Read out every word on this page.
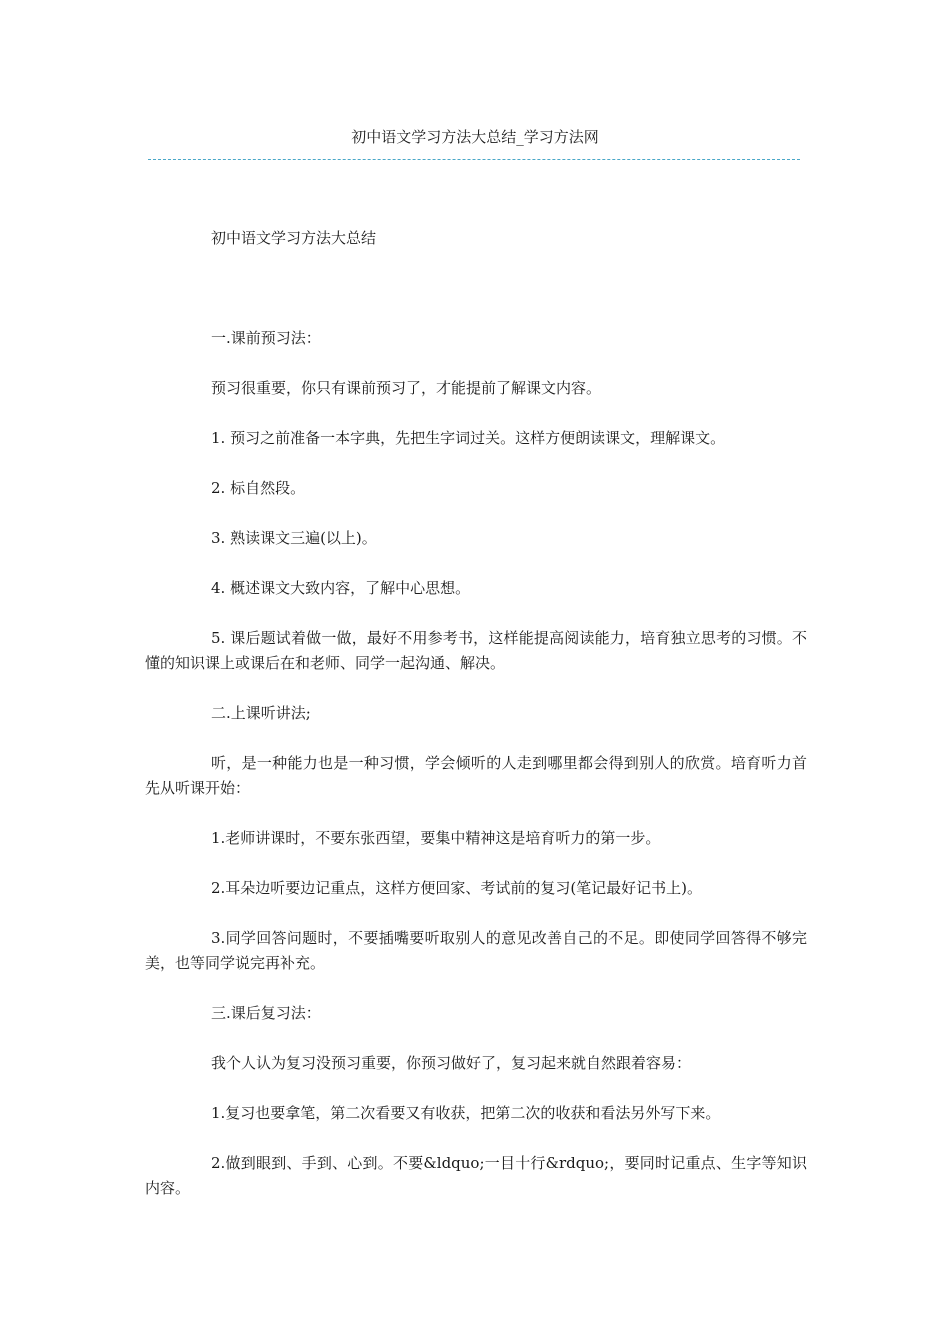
初中语文学习方法大总结_学习方法网

初中语文学习方法大总结

一.课前预习法：

预习很重要，你只有课前预习了，才能提前了解课文内容。

1. 预习之前准备一本字典，先把生字词过关。这样方便朗读课文，理解课文。

2. 标自然段。

3. 熟读课文三遍(以上)。

4. 概述课文大致内容，了解中心思想。

5. 课后题试着做一做，最好不用参考书，这样能提高阅读能力，培育独立思考的习惯。不懂的知识课上或课后在和老师、同学一起沟通、解决。

二.上课听讲法;

听，是一种能力也是一种习惯，学会倾听的人走到哪里都会得到别人的欣赏。培育听力首先从听课开始：

1.老师讲课时，不要东张西望，要集中精神这是培育听力的第一步。

2.耳朵边听要边记重点，这样方便回家、考试前的复习(笔记最好记书上)。

3.同学回答问题时，不要插嘴要听取别人的意见改善自己的不足。即使同学回答得不够完美，也等同学说完再补充。

三.课后复习法：

我个人认为复习没预习重要，你预习做好了，复习起来就自然跟着容易：

1.复习也要拿笔，第二次看要又有收获，把第二次的收获和看法另外写下来。

2.做到眼到、手到、心到。不要&ldquo;一目十行&rdquo;，要同时记重点、生字等知识内容。
